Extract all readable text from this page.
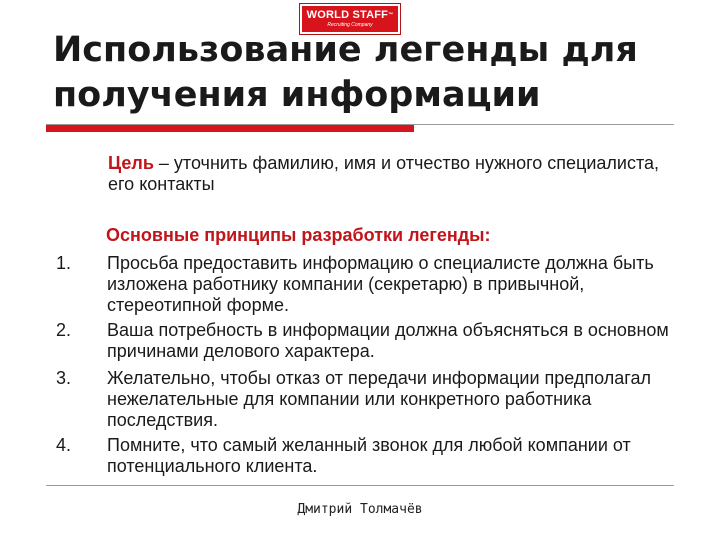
WORLD STAFF™
Recruiting Company
Использование легенды для получения информации
Цель – уточнить фамилию, имя и отчество нужного специалиста, его контакты
Основные принципы разработки легенды:
1.	Просьба предоставить информацию о специалисте должна быть изложена работнику компании (секретарю) в привычной, стереотипной форме.
2.	Ваша потребность в информации должна объясняться в основном причинами делового характера.
3.	Желательно, чтобы отказ от передачи информации предполагал нежелательные для компании или конкретного работника последствия.
4.	Помните, что самый желанный звонок для любой компании от потенциального клиента.
Дмитрий Толмачёв
